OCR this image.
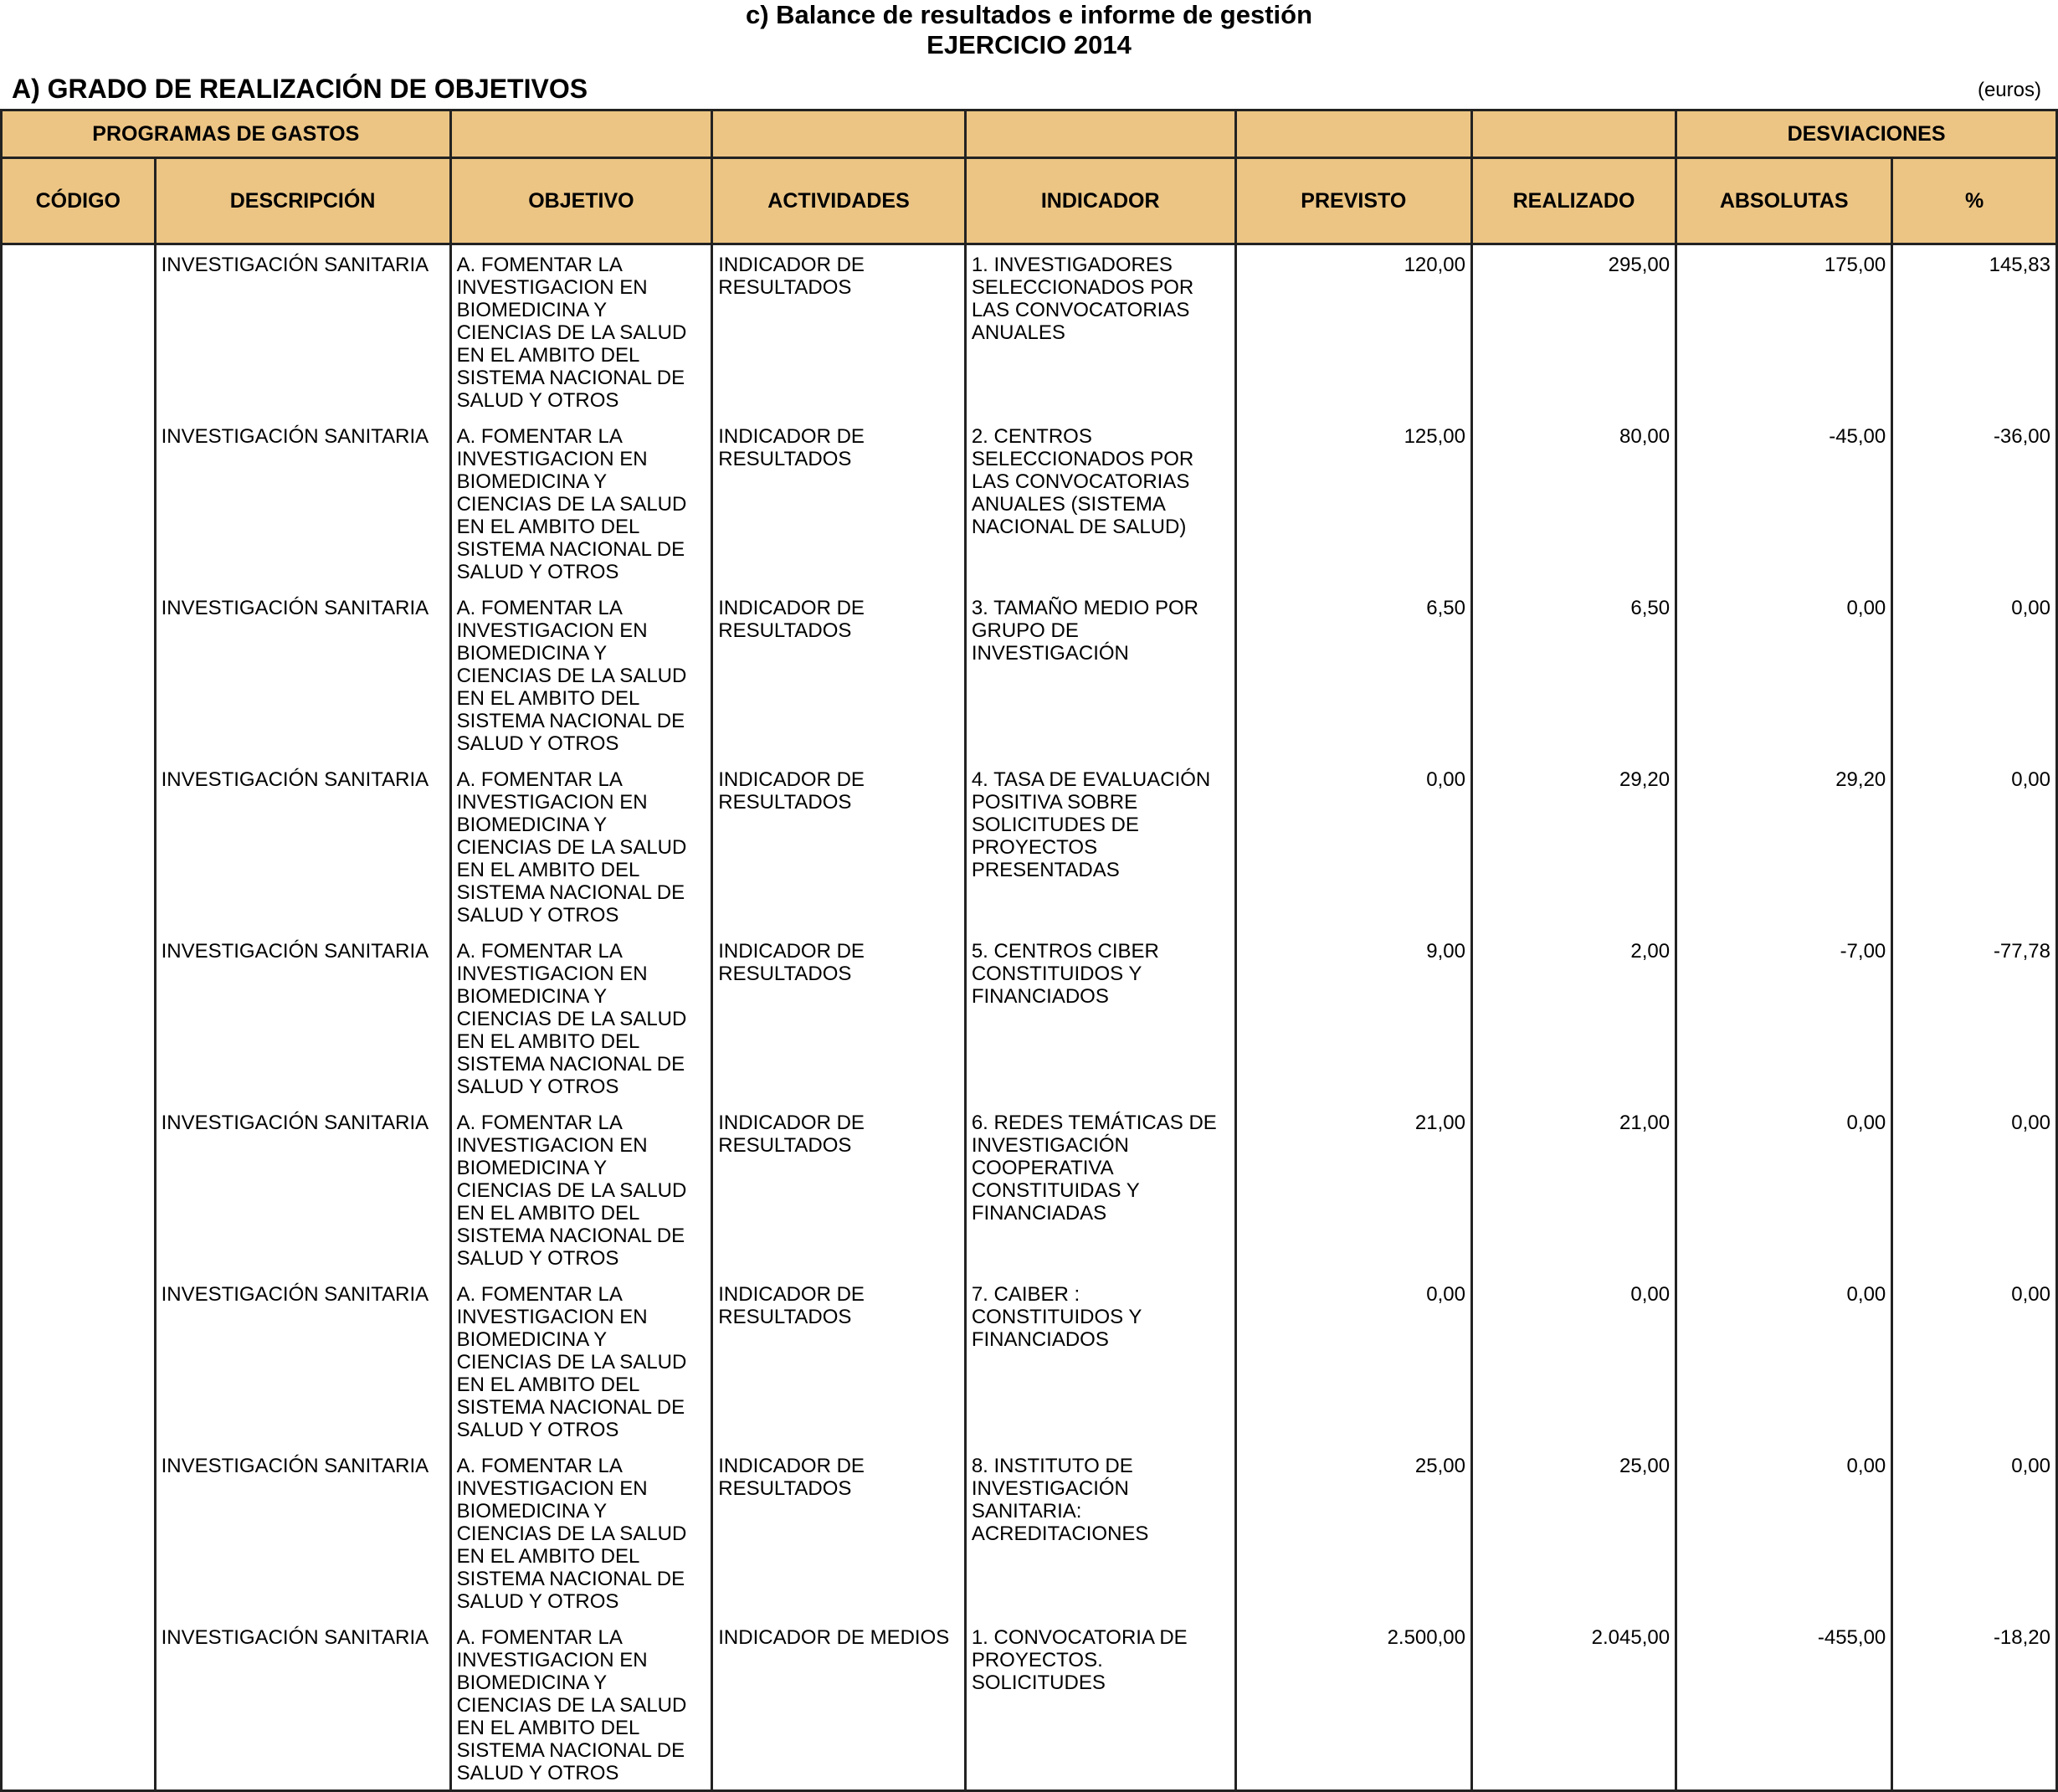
c) Balance de resultados e informe de gestión
EJERCICIO 2014
A) GRADO DE REALIZACIÓN DE OBJETIVOS	(euros)
PROGRAMAS DE GASTOS							DESVIACIONES	
CÓDIGO	DESCRIPCIÓN	OBJETIVO	ACTIVIDADES	INDICADOR	PREVISTO	REALIZADO	ABSOLUTAS	%
	INVESTIGACIÓN SANITARIA	A. FOMENTAR LA INVESTIGACION EN BIOMEDICINA Y CIENCIAS DE LA SALUD EN EL AMBITO DEL SISTEMA NACIONAL DE SALUD Y OTROS	INDICADOR DE RESULTADOS	1. INVESTIGADORES SELECCIONADOS POR LAS CONVOCATORIAS ANUALES	120,00	295,00	175,00	145,83
	INVESTIGACIÓN SANITARIA	A. FOMENTAR LA INVESTIGACION EN BIOMEDICINA Y CIENCIAS DE LA SALUD EN EL AMBITO DEL SISTEMA NACIONAL DE SALUD Y OTROS	INDICADOR DE RESULTADOS	2. CENTROS SELECCIONADOS POR LAS CONVOCATORIAS ANUALES (SISTEMA NACIONAL DE SALUD)	125,00	80,00	-45,00	-36,00
	INVESTIGACIÓN SANITARIA	A. FOMENTAR LA INVESTIGACION EN BIOMEDICINA Y CIENCIAS DE LA SALUD EN EL AMBITO DEL SISTEMA NACIONAL DE SALUD Y OTROS	INDICADOR DE RESULTADOS	3. TAMAÑO MEDIO POR GRUPO DE INVESTIGACIÓN	6,50	6,50	0,00	0,00
	INVESTIGACIÓN SANITARIA	A. FOMENTAR LA INVESTIGACION EN BIOMEDICINA Y CIENCIAS DE LA SALUD EN EL AMBITO DEL SISTEMA NACIONAL DE SALUD Y OTROS	INDICADOR DE RESULTADOS	4. TASA DE EVALUACIÓN POSITIVA SOBRE SOLICITUDES DE PROYECTOS PRESENTADAS	0,00	29,20	29,20	0,00
	INVESTIGACIÓN SANITARIA	A. FOMENTAR LA INVESTIGACION EN BIOMEDICINA Y CIENCIAS DE LA SALUD EN EL AMBITO DEL SISTEMA NACIONAL DE SALUD Y OTROS	INDICADOR DE RESULTADOS	5. CENTROS CIBER CONSTITUIDOS Y FINANCIADOS	9,00	2,00	-7,00	-77,78
	INVESTIGACIÓN SANITARIA	A. FOMENTAR LA INVESTIGACION EN BIOMEDICINA Y CIENCIAS DE LA SALUD EN EL AMBITO DEL SISTEMA NACIONAL DE SALUD Y OTROS	INDICADOR DE RESULTADOS	6. REDES TEMÁTICAS DE INVESTIGACIÓN COOPERATIVA CONSTITUIDAS Y FINANCIADAS	21,00	21,00	0,00	0,00
	INVESTIGACIÓN SANITARIA	A. FOMENTAR LA INVESTIGACION EN BIOMEDICINA Y CIENCIAS DE LA SALUD EN EL AMBITO DEL SISTEMA NACIONAL DE SALUD Y OTROS	INDICADOR DE RESULTADOS	7. CAIBER : CONSTITUIDOS Y FINANCIADOS	0,00	0,00	0,00	0,00
	INVESTIGACIÓN SANITARIA	A. FOMENTAR LA INVESTIGACION EN BIOMEDICINA Y CIENCIAS DE LA SALUD EN EL AMBITO DEL SISTEMA NACIONAL DE SALUD Y OTROS	INDICADOR DE RESULTADOS	8. INSTITUTO DE INVESTIGACIÓN SANITARIA: ACREDITACIONES	25,00	25,00	0,00	0,00
	INVESTIGACIÓN SANITARIA	A. FOMENTAR LA INVESTIGACION EN BIOMEDICINA Y CIENCIAS DE LA SALUD EN EL AMBITO DEL SISTEMA NACIONAL DE SALUD Y OTROS	INDICADOR DE MEDIOS	1. CONVOCATORIA DE PROYECTOS. SOLICITUDES	2.500,00	2.045,00	-455,00	-18,20
